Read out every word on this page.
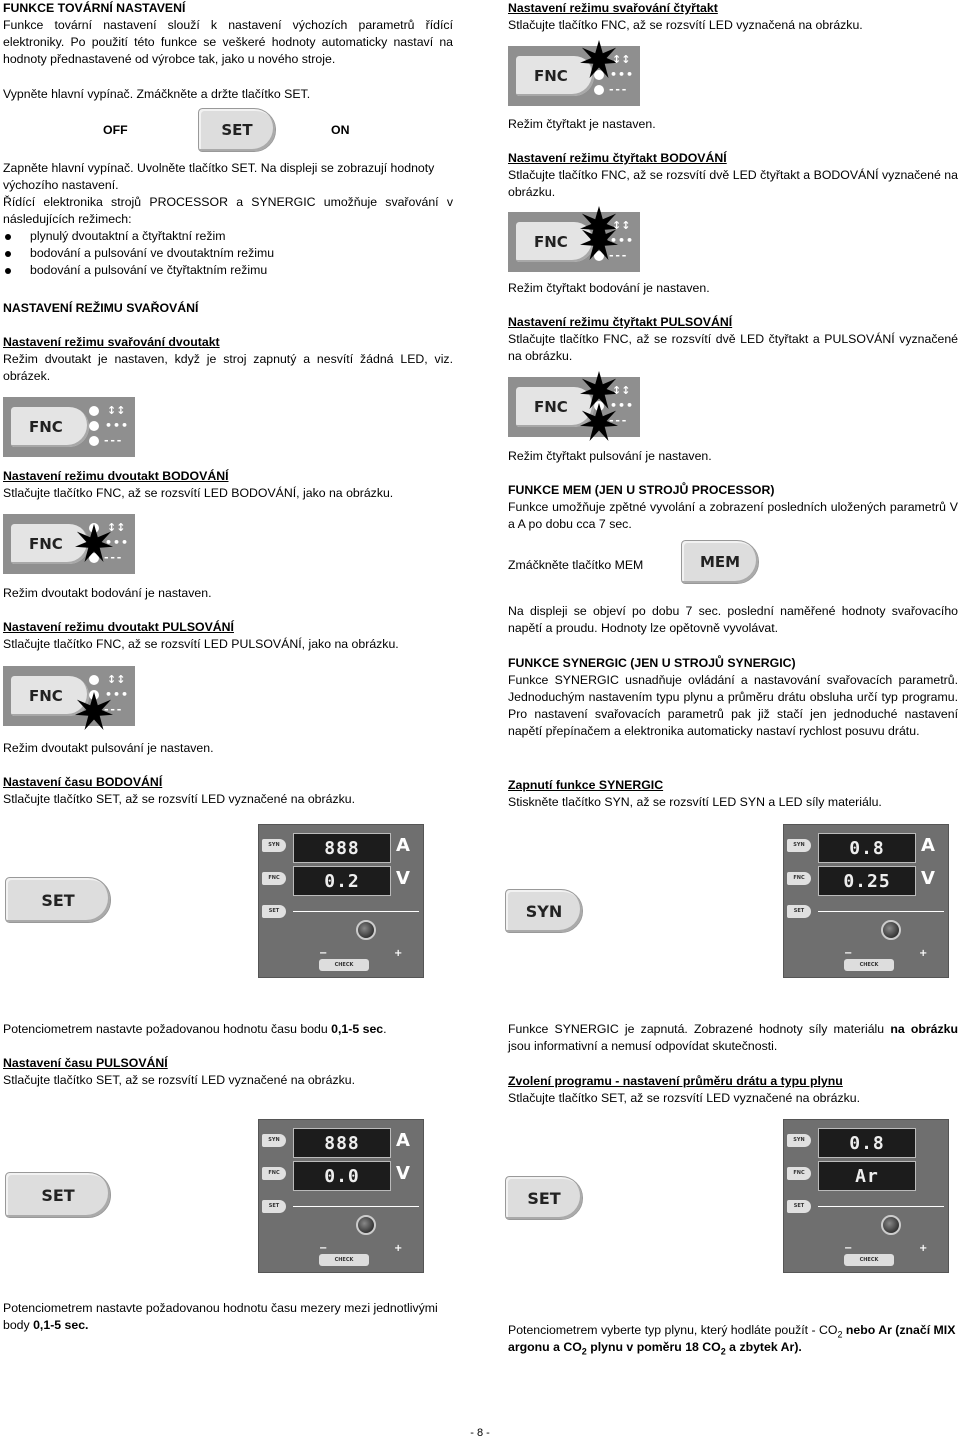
FUNKCE TOVÁRNÍ NASTAVENÍ

Funkce tovární nastavení slouží k nastavení výchozích parametrů řídící elektroniky. Po použití této funkce se veškeré hodnoty automaticky nastaví na hodnoty přednastavené od výrobce tak, jako u nového stroje.

Vypněte hlavní vypínač. Zmáčkněte a držte tlačítko SET.

OFF	SET	ON

Zapněte hlavní vypínač. Uvolněte tlačítko SET. Na displeji se zobrazují hodnoty výchozího nastavení.

Řídící elektronika strojů PROCESSOR a SYNERGIC umožňuje svařování v následujících režimech:

plynulý dvoutaktní a čtyřtaktní režim
bodování a pulsování ve dvoutaktním režimu
bodování a pulsování ve čtyřtaktním režimu

NASTAVENÍ REŽIMU SVAŘOVÁNÍ

Nastavení režimu svařování dvoutakt

Režim dvoutakt je nastaven, když je stroj zapnutý a nesvítí žádná LED, viz. obrázek.

FNC
↕↕
•••
- - -

Nastavení režimu dvoutakt BODOVÁNÍ

Stlačujte tlačítko FNC, až se rozsvítí LED BODOVÁNÍ, jako na obrázku.

FNC
↕↕
•••
- - -

Režim dvoutakt bodování je nastaven.

Nastavení režimu dvoutakt PULSOVÁNÍ

Stlačujte tlačítko FNC, až se rozsvítí LED PULSOVÁNÍ, jako na obrázku.

FNC
↕↕
•••
- - -

Režim dvoutakt pulsování je nastaven.

Nastavení času BODOVÁNÍ

Stlačujte tlačítko SET, až se rozsvítí LED vyznačené na obrázku.

SET
SYN
FNC
SET
888
0.2
A
V
−	+
CHECK

Potenciometrem nastavte požadovanou hodnotu času bodu 0,1-5 sec.

Nastavení času PULSOVÁNÍ

Stlačujte tlačítko SET, až se rozsvítí LED vyznačené na obrázku.

SET
SYN
FNC
SET
888
0.0
A
V
−	+
CHECK

Potenciometrem nastavte požadovanou hodnotu času mezery mezi jednotlivými body 0,1-5 sec.

Nastavení režimu svařování čtyřtakt

Stlačujte tlačítko FNC, až se rozsvítí LED vyznačená na obrázku.

FNC
↕↕
•••
- - -

Režim čtyřtakt je nastaven.

Nastavení režimu čtyřtakt BODOVÁNÍ

Stlačujte tlačítko FNC, až se rozsvítí dvě LED čtyřtakt a BODOVÁNÍ vyznačené na obrázku.

FNC
↕↕
•••
- - -

Režim čtyřtakt bodování je nastaven.

Nastavení režimu čtyřtakt PULSOVÁNÍ

Stlačujte tlačítko FNC, až se rozsvítí dvě LED čtyřtakt a PULSOVÁNÍ vyznačené na obrázku.

FNC
↕↕
•••
- - -

Režim čtyřtakt pulsování je nastaven.

FUNKCE MEM (JEN U STROJŮ PROCESSOR)

Funkce umožňuje zpětné vyvolání a zobrazení posledních uložených parametrů V a A po dobu cca 7 sec.

Zmáčkněte tlačítko MEM	MEM

Na displeji se objeví po dobu 7 sec. poslední naměřené hodnoty svařovacího napětí a proudu. Hodnoty lze opětovně vyvolávat.

FUNKCE SYNERGIC (JEN U STROJŮ SYNERGIC)

Funkce SYNERGIC usnadňuje ovládání a nastavování svařovacích parametrů. Jednoduchým nastavením typu plynu a průměru drátu obsluha určí typ programu. Pro nastavení svařovacích parametrů pak již stačí jen jednoduché nastavení napětí přepínačem a elektronika automaticky nastaví rychlost posuvu drátu.

Zapnutí funkce SYNERGIC

Stiskněte tlačítko SYN, až se rozsvítí LED SYN a LED síly materiálu.

SYN
SYN
FNC
SET
0.8
0.25
A
V
−	+
CHECK

Funkce SYNERGIC je zapnutá. Zobrazené hodnoty síly materiálu na obrázku jsou informativní a nemusí odpovídat skutečnosti.

Zvolení programu - nastavení průměru drátu a typu plynu

Stlačujte tlačítko SET, až se rozsvítí LED vyznačené na obrázku.

SET
SYN
FNC
SET
0.8
Ar
−	+
CHECK

Potenciometrem vyberte typ plynu, který hodláte použít - $CO_2$ nebo Ar (značí MIX argonu a $CO_2$ plynu v poměru 18 $CO_2$ a zbytek Ar).

- 8 -
